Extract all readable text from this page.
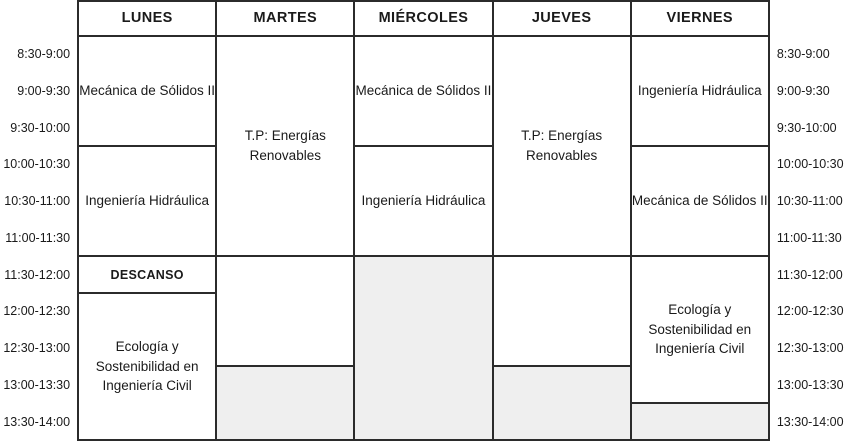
	LUNES	MARTES	MIÉRCOLES	JUEVES	VIERNES	
8:30-9:00	Mecánica de Sólidos II	T.P: Energías Renovables	Mecánica de Sólidos II	T.P: Energías Renovables	Ingeniería Hidráulica	8:30-9:00
9:00-9:30						9:00-9:30
9:30-10:00						9:30-10:00
10:00-10:30	Ingeniería Hidráulica		Ingeniería Hidráulica		Mecánica de Sólidos II	10:00-10:30
10:30-11:00						10:30-11:00
11:00-11:30						11:00-11:30
11:30-12:00	DESCANSO				Ecología y Sostenibilidad en Ingeniería Civil	11:30-12:00
12:00-12:30	Ecología y Sostenibilidad en Ingeniería Civil					12:00-12:30
12:30-13:00						12:30-13:00
13:00-13:30						13:00-13:30
13:30-14:00						13:30-14:00
